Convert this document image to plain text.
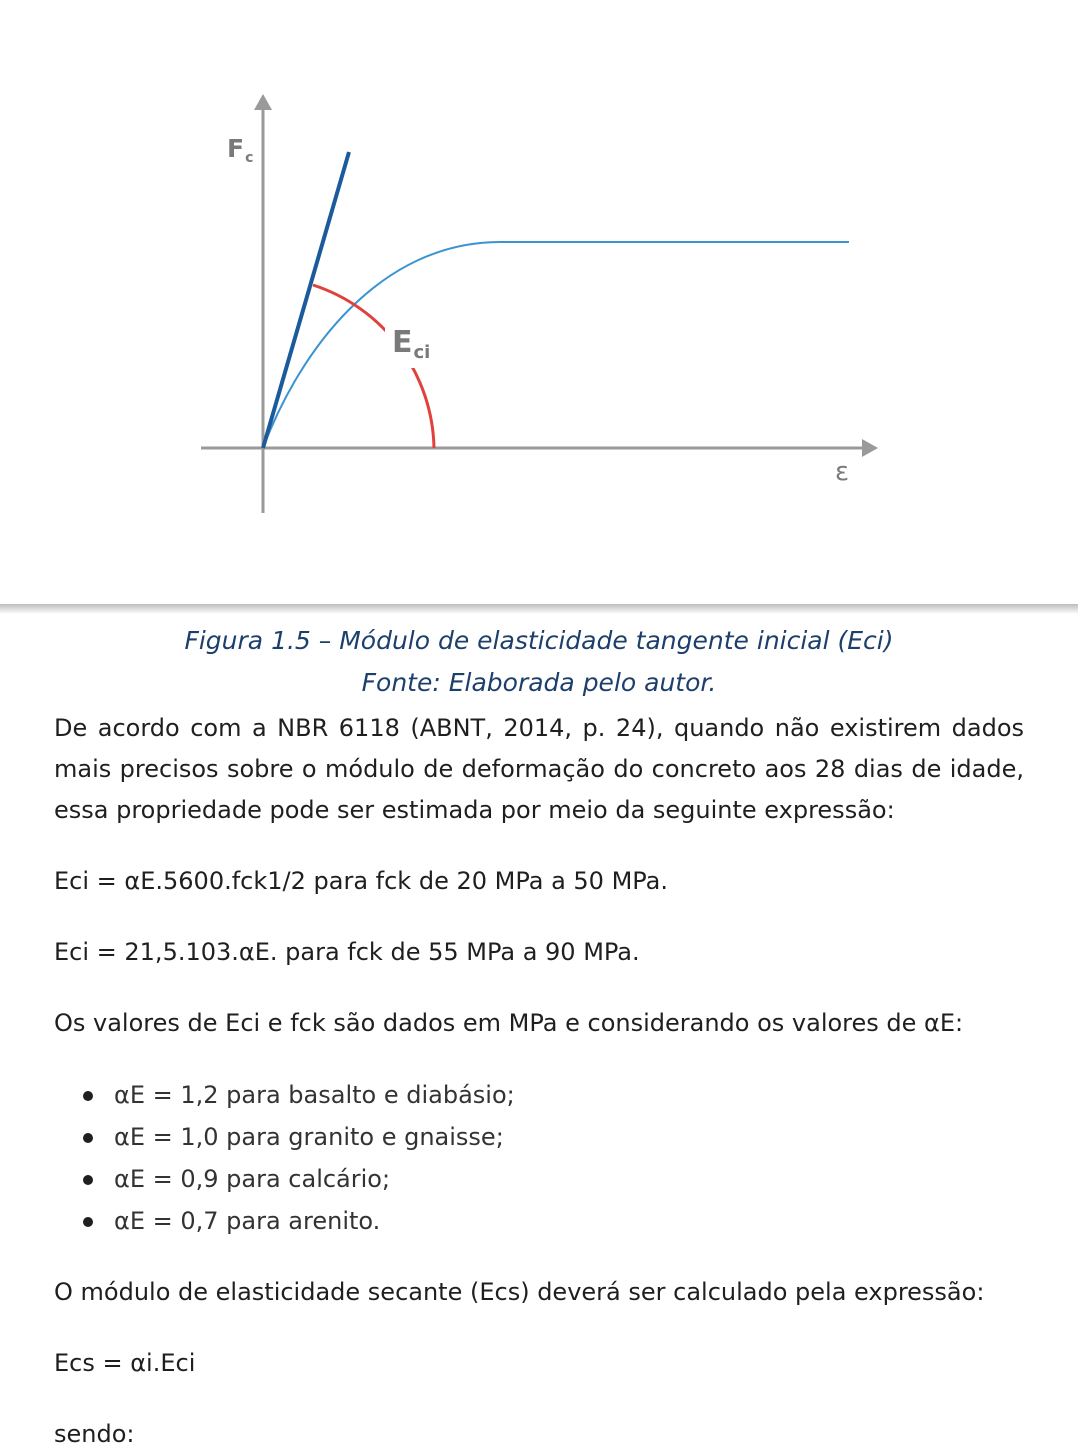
$F_c$
$E_{ci}$
ε
Figura 1.5 – Módulo de elasticidade tangente inicial (Eci)
Fonte: Elaborada pelo autor.

De acordo com a NBR 6118 (ABNT, 2014, p. 24), quando não existirem dados mais precisos sobre o módulo de deformação do concreto aos 28 dias de idade, essa propriedade pode ser estimada por meio da seguinte expressão:

Eci = αE.5600.fck1/2 para fck de 20 MPa a 50 MPa.

Eci = 21,5.103.αE. para fck de 55 MPa a 90 MPa.

Os valores de Eci e fck são dados em MPa e considerando os valores de αE:

αE = 1,2 para basalto e diabásio;
αE = 1,0 para granito e gnaisse;
αE = 0,9 para calcário;
αE = 0,7 para arenito.

O módulo de elasticidade secante (Ecs) deverá ser calculado pela expressão:

Ecs = αi.Eci

sendo:
